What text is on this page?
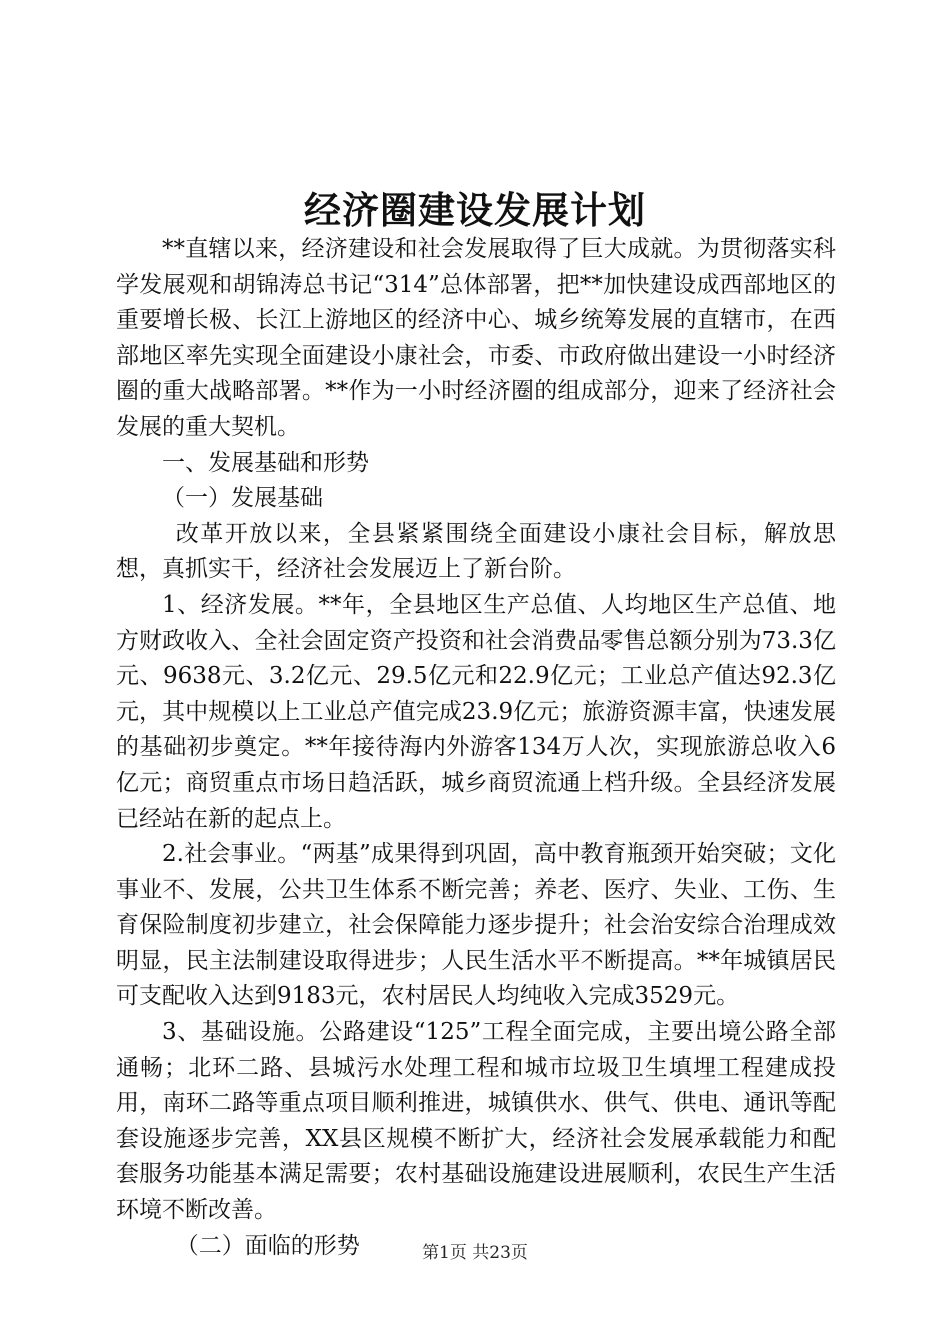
经济圈建设发展计划

**直辖以来，经济建设和社会发展取得了巨大成就。为贯彻落实科学发展观和胡锦涛总书记“314”总体部署，把**加快建设成西部地区的重要增长极、长江上游地区的经济中心、城乡统筹发展的直辖市，在西部地区率先实现全面建设小康社会，市委、市政府做出建设一小时经济圈的重大战略部署。**作为一小时经济圈的组成部分，迎来了经济社会发展的重大契机。

一、发展基础和形势

（一）发展基础

改革开放以来，全县紧紧围绕全面建设小康社会目标，解放思想，真抓实干，经济社会发展迈上了新台阶。

1、经济发展。**年，全县地区生产总值、人均地区生产总值、地方财政收入、全社会固定资产投资和社会消费品零售总额分别为73.3亿元、9638元、3.2亿元、29.5亿元和22.9亿元；工业总产值达92.3亿元，其中规模以上工业总产值完成23.9亿元；旅游资源丰富，快速发展的基础初步奠定。**年接待海内外游客134万人次，实现旅游总收入6亿元；商贸重点市场日趋活跃，城乡商贸流通上档升级。全县经济发展已经站在新的起点上。

2.社会事业。“两基”成果得到巩固，高中教育瓶颈开始突破；文化事业不、发展，公共卫生体系不断完善；养老、医疗、失业、工伤、生育保险制度初步建立，社会保障能力逐步提升；社会治安综合治理成效明显，民主法制建设取得进步；人民生活水平不断提高。**年城镇居民可支配收入达到9183元，农村居民人均纯收入完成3529元。

3、基础设施。公路建设“125”工程全面完成，主要出境公路全部通畅；北环二路、县城污水处理工程和城市垃圾卫生填埋工程建成投用，南环二路等重点项目顺利推进，城镇供水、供气、供电、通讯等配套设施逐步完善，XX县区规模不断扩大，经济社会发展承载能力和配套服务功能基本满足需要；农村基础设施建设进展顺利，农民生产生活环境不断改善。

（二）面临的形势	第1页 共23页
